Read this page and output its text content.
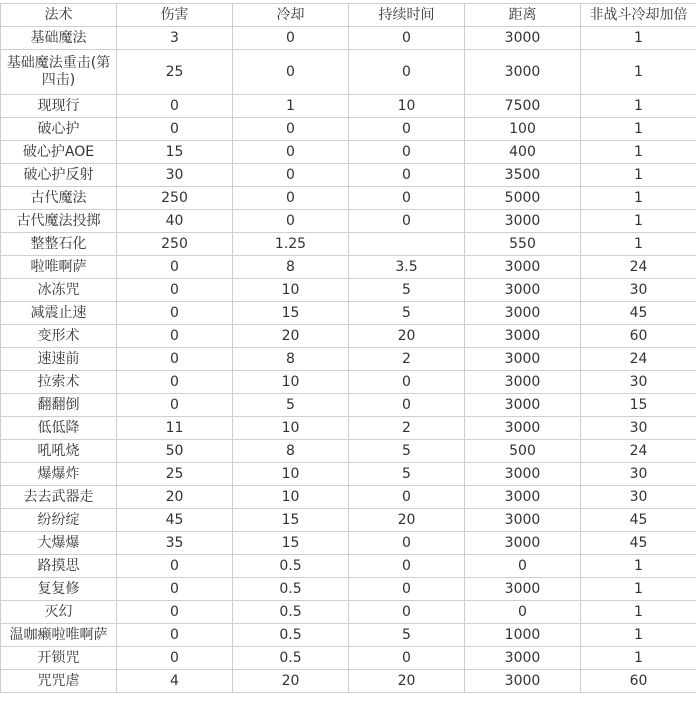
法术	伤害	冷却	持续时间	距离	非战斗冷却加倍
基础魔法	3	0	0	3000	1
基础魔法重击(第四击)	25	0	0	3000	1
现现行	0	1	10	7500	1
破心护	0	0	0	100	1
破心护AOE	15	0	0	400	1
破心护反射	30	0	0	3500	1
古代魔法	250	0	0	5000	1
古代魔法投掷	40	0	0	3000	1
整整石化	250	1.25		550	1
啦唯啊萨	0	8	3.5	3000	24
冰冻咒	0	10	5	3000	30
减震止速	0	15	5	3000	45
变形术	0	20	20	3000	60
速速前	0	8	2	3000	24
拉索术	0	10	0	3000	30
翻翻倒	0	5	0	3000	15
低低降	11	10	2	3000	30
吼吼烧	50	8	5	500	24
爆爆炸	25	10	5	3000	30
去去武器走	20	10	0	3000	30
纷纷绽	45	15	20	3000	45
大爆爆	35	15	0	3000	45
路摸思	0	0.5	0	0	1
复复修	0	0.5	0	3000	1
灭幻	0	0.5	0	0	1
温咖癞啦唯啊萨	0	0.5	5	1000	1
开锁咒	0	0.5	0	3000	1
咒咒虐	4	20	20	3000	60
